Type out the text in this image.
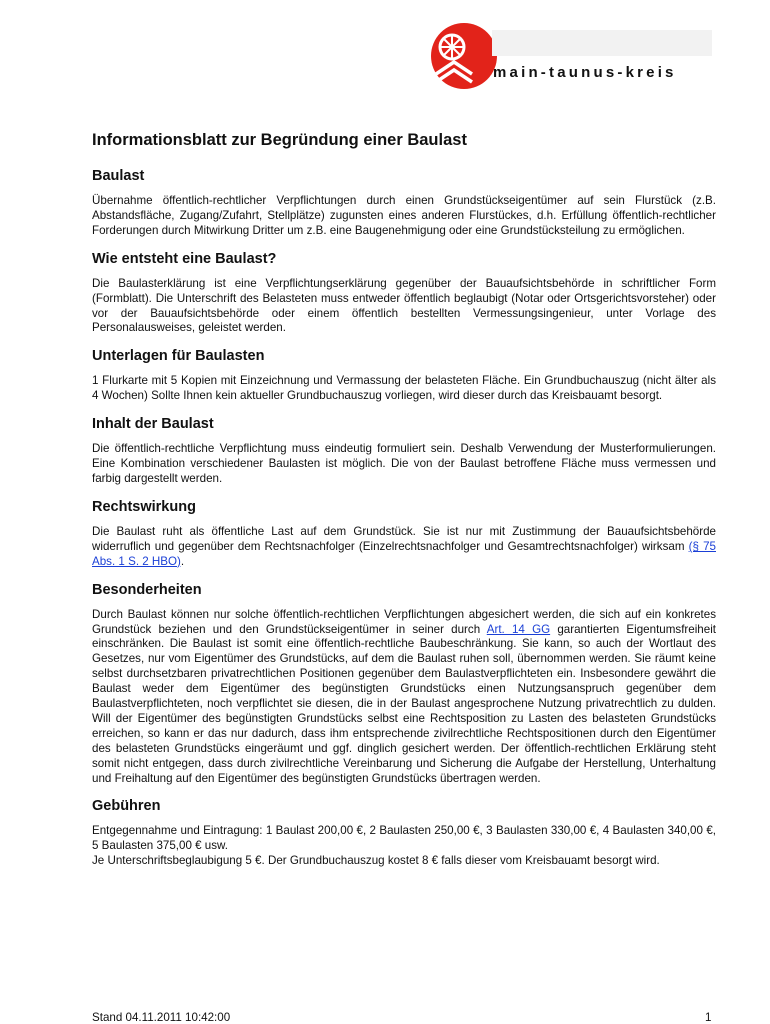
main-taunus-kreis
Informationsblatt zur Begründung einer Baulast
Baulast

Übernahme öffentlich-rechtlicher Verpflichtungen durch einen Grundstückseigentümer auf sein Flurstück (z.B. Abstandsfläche, Zugang/Zufahrt, Stellplätze) zugunsten eines anderen Flurstückes, d.h. Erfüllung öffentlich-rechtlicher Forderungen durch Mitwirkung Dritter um z.B. eine Baugenehmigung oder eine Grundstücksteilung zu ermöglichen.

Wie entsteht eine Baulast?

Die Baulasterklärung ist eine Verpflichtungserklärung gegenüber der Bauaufsichtsbehörde in schriftlicher Form (Formblatt). Die Unterschrift des Belasteten muss entweder öffentlich beglaubigt (Notar oder Ortsgerichtsvorsteher) oder vor der Bauaufsichtsbehörde oder einem öffentlich bestellten Vermessungsingenieur, unter Vorlage des Personalausweises, geleistet werden.

Unterlagen für Baulasten

1 Flurkarte mit 5 Kopien mit Einzeichnung und Vermassung der belasteten Fläche. Ein Grundbuchauszug (nicht älter als 4 Wochen) Sollte Ihnen kein aktueller Grundbuchauszug vorliegen, wird dieser durch das Kreisbauamt besorgt.

Inhalt der Baulast

Die öffentlich-rechtliche Verpflichtung muss eindeutig formuliert sein. Deshalb Verwendung der Musterformulierungen. Eine Kombination verschiedener Baulasten ist möglich. Die von der Baulast betroffene Fläche muss vermessen und farbig dargestellt werden.

Rechtswirkung

Die Baulast ruht als öffentliche Last auf dem Grundstück. Sie ist nur mit Zustimmung der Bauaufsichtsbehörde widerruflich und gegenüber dem Rechtsnachfolger (Einzelrechtsnachfolger und Gesamtrechtsnachfolger) wirksam (§ 75 Abs. 1 S. 2 HBO).

Besonderheiten

Durch Baulast können nur solche öffentlich-rechtlichen Verpflichtungen abgesichert werden, die sich auf ein konkretes Grundstück beziehen und den Grundstückseigentümer in seiner durch Art. 14 GG garantierten Eigentumsfreiheit einschränken. Die Baulast ist somit eine öffentlich-rechtliche Baubeschränkung. Sie kann, so auch der Wortlaut des Gesetzes, nur vom Eigentümer des Grundstücks, auf dem die Baulast ruhen soll, übernommen werden. Sie räumt keine selbst durchsetzbaren privatrechtlichen Positionen gegenüber dem Baulastverpflichteten ein. Insbesondere gewährt die Baulast weder dem Eigentümer des begünstigten Grundstücks einen Nutzungsanspruch gegenüber dem Baulastverpflichteten, noch verpflichtet sie diesen, die in der Baulast angesprochene Nutzung privatrechtlich zu dulden. Will der Eigentümer des begünstigten Grundstücks selbst eine Rechtsposition zu Lasten des belasteten Grundstücks erreichen, so kann er das nur dadurch, dass ihm entsprechende zivilrechtliche Rechtspositionen durch den Eigentümer des belasteten Grundstücks eingeräumt und ggf. dinglich gesichert werden. Der öffentlich-rechtlichen Erklärung steht somit nicht entgegen, dass durch zivilrechtliche Vereinbarung und Sicherung die Aufgabe der Herstellung, Unterhaltung und Freihaltung auf den Eigentümer des begünstigten Grundstücks übertragen werden.

Gebühren

Entgegennahme und Eintragung: 1 Baulast 200,00 €, 2 Baulasten 250,00 €, 3 Baulasten 330,00 €, 4 Baulasten 340,00 €, 5 Baulasten 375,00 € usw.

Je Unterschriftsbeglaubigung 5 €. Der Grundbuchauszug kostet 8 € falls dieser vom Kreisbauamt besorgt wird.

Stand 04.11.2011 10:42:00	1
